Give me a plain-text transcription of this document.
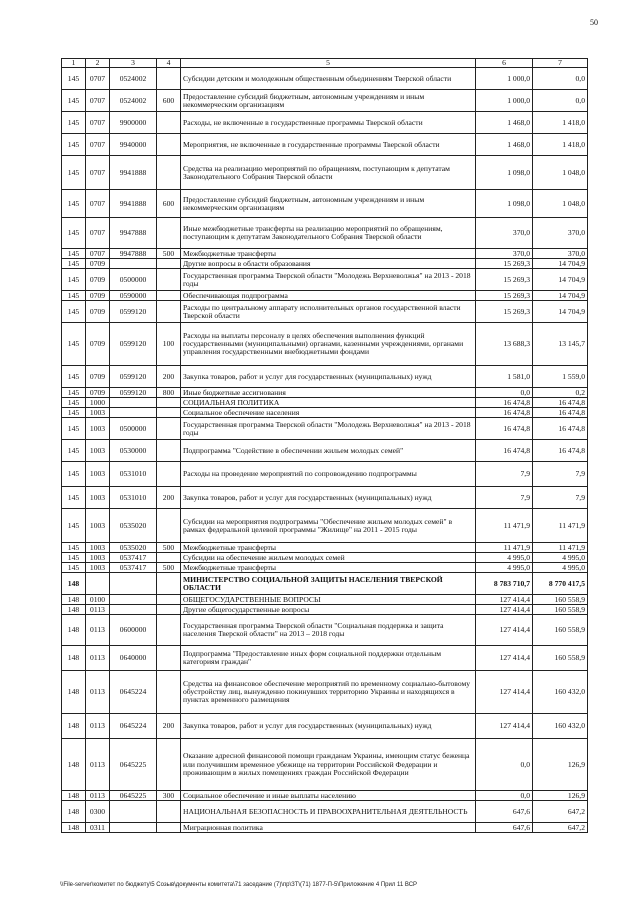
50
1	2	3	4	5	6	7
145	0707	0524002		Субсидии детским и молодежным общественным объединениям Тверской области	1 000,0	0,0
145	0707	0524002	600	Предоставление субсидий бюджетным, автономным учреждениям и иным некоммерческим организациям	1 000,0	0,0
145	0707	9900000		Расходы, не включенные в государственные программы Тверской области	1 468,0	1 418,0
145	0707	9940000		Мероприятия, не включенные в государственные программы Тверской области	1 468,0	1 418,0
145	0707	9941888		Средства на реализацию мероприятий по обращениям, поступающим к депутатам Законодательного Собрания Тверской области	1 098,0	1 048,0
145	0707	9941888	600	Предоставление субсидий бюджетным, автономным учреждениям и иным некоммерческим организациям	1 098,0	1 048,0
145	0707	9947888		Иные межбюджетные трансферты на реализацию мероприятий по обращениям, поступающим к депутатам Законодательного Собрания Тверской области	370,0	370,0
145	0707	9947888	500	Межбюджетные трансферты	370,0	370,0
145	0709			Другие вопросы в области образования	15 269,3	14 704,9
145	0709	0500000		Государственная программа Тверской области "Молодежь Верхневолжья" на 2013 - 2018 годы	15 269,3	14 704,9
145	0709	0590000		Обеспечивающая подпрограмма	15 269,3	14 704,9
145	0709	0599120		Расходы по центральному аппарату исполнительных органов государственной власти Тверской области	15 269,3	14 704,9
145	0709	0599120	100	Расходы на выплаты персоналу в целях обеспечения выполнения функций государственными (муниципальными) органами, казенными учреждениями, органами управления государственными внебюджетными фондами	13 688,3	13 145,7
145	0709	0599120	200	Закупка товаров, работ и услуг для государственных (муниципальных) нужд	1 581,0	1 559,0
145	0709	0599120	800	Иные бюджетные ассигнования	0,0	0,2
145	1000			СОЦИАЛЬНАЯ ПОЛИТИКА	16 474,8	16 474,8
145	1003			Социальное обеспечение населения	16 474,8	16 474,8
145	1003	0500000		Государственная программа Тверской области "Молодежь Верхневолжья" на 2013 - 2018 годы	16 474,8	16 474,8
145	1003	0530000		Подпрограмма "Содействие в обеспечении жильем молодых семей"	16 474,8	16 474,8
145	1003	0531010		Расходы на проведение мероприятий по сопровождению подпрограммы	7,9	7,9
145	1003	0531010	200	Закупка товаров, работ и услуг для государственных (муниципальных) нужд	7,9	7,9
145	1003	0535020		Субсидии на мероприятия подпрограммы "Обеспечение жильем молодых семей" в рамках федеральной целевой программы "Жилище" на 2011 - 2015 годы	11 471,9	11 471,9
145	1003	0535020	500	Межбюджетные трансферты	11 471,9	11 471,9
145	1003	0537417		Субсидии на обеспечение жильем молодых семей	4 995,0	4 995,0
145	1003	0537417	500	Межбюджетные трансферты	4 995,0	4 995,0
148				МИНИСТЕРСТВО СОЦИАЛЬНОЙ ЗАЩИТЫ НАСЕЛЕНИЯ ТВЕРСКОЙ ОБЛАСТИ	8 783 710,7	8 770 417,5
148	0100			ОБЩЕГОСУДАРСТВЕННЫЕ ВОПРОСЫ	127 414,4	160 558,9
148	0113			Другие общегосударственные вопросы	127 414,4	160 558,9
148	0113	0600000		Государственная программа Тверской области "Социальная поддержка и защита населения Тверской области" на 2013 – 2018 годы	127 414,4	160 558,9
148	0113	0640000		Подпрограмма "Предоставление иных форм социальной поддержки отдельным категориям граждан"	127 414,4	160 558,9
148	0113	0645224		Средства на финансовое обеспечение мероприятий по временному социально-бытовому обустройству лиц, вынужденно покинувших территорию Украины и находящихся в пунктах временного размещения	127 414,4	160 432,0
148	0113	0645224	200	Закупка товаров, работ и услуг для государственных (муниципальных) нужд	127 414,4	160 432,0
148	0113	0645225		Оказание адресной финансовой помощи гражданам Украины, имеющим статус беженца или получившим временное убежище на территории Российской Федерации и проживающим в жилых помещениях граждан Российской Федерации	0,0	126,9
148	0113	0645225	300	Социальное обеспечение и иные выплаты населению	0,0	126,9
148	0300			НАЦИОНАЛЬНАЯ БЕЗОПАСНОСТЬ И ПРАВООХРАНИТЕЛЬНАЯ ДЕЯТЕЛЬНОСТЬ	647,6	647,2
148	0311			Миграционная политика	647,6	647,2
\\File-server\комитет по бюджету\5 Созыв\документы комитета\71 заседание (7)\пр\ЗТ\(71) 1877-П-5\Приложение 4 Прил 11 ВСР
